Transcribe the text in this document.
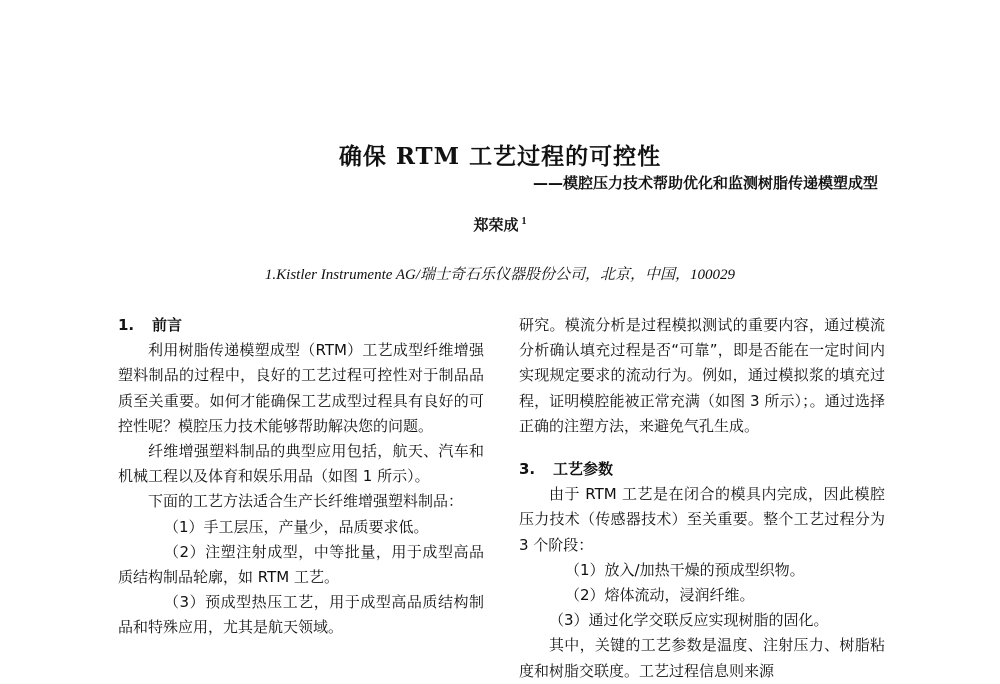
确保 RTM 工艺过程的可控性
——模腔压力技术帮助优化和监测树脂传递模塑成型
郑荣成 $^1$
1.Kistler Instrumente AG/瑞士奇石乐仪器股份公司，北京，中国，100029
1. 前言

利用树脂传递模塑成型（RTM）工艺成型纤维增强塑料制品的过程中，良好的工艺过程可控性对于制品品质至关重要。如何才能确保工艺成型过程具有良好的可控性呢？模腔压力技术能够帮助解决您的问题。

纤维增强塑料制品的典型应用包括，航天、汽车和机械工程以及体育和娱乐用品（如图 1 所示）。

下面的工艺方法适合生产长纤维增强塑料制品：

（1）手工层压，产量少，品质要求低。

（2）注塑注射成型，中等批量，用于成型高品质结构制品轮廓，如 RTM 工艺。

（3）预成型热压工艺，用于成型高品质结构制品和特殊应用，尤其是航天领域。

研究。模流分析是过程模拟测试的重要内容，通过模流分析确认填充过程是否“可靠”，即是否能在一定时间内实现规定要求的流动行为。例如，通过模拟浆的填充过程，证明模腔能被正常充满（如图 3 所示）；。通过选择正确的注塑方法，来避免气孔生成。

3. 工艺参数

由于 RTM 工艺是在闭合的模具内完成，因此模腔压力技术（传感器技术）至关重要。整个工艺过程分为 3 个阶段：

（1）放入/加热干燥的预成型织物。

（2）熔体流动，浸润纤维。

（3）通过化学交联反应实现树脂的固化。

其中，关键的工艺参数是温度、注射压力、树脂粘度和树脂交联度。工艺过程信息则来源
